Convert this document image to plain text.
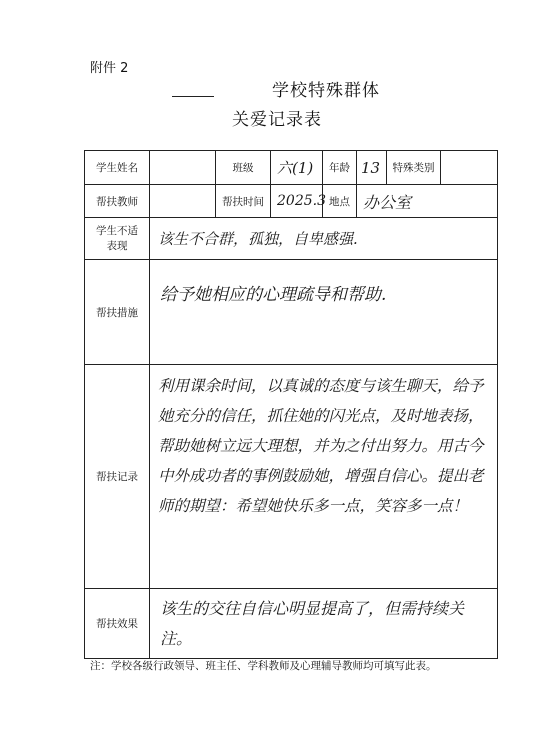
附件 2
学校特殊群体
关爱记录表
学生姓名		班级	六(1)	年龄	13	特殊类别	
帮扶教师		帮扶时间	2025.3	地点	办公室		
学生不适
表现	该生不合群，孤独，自卑感强.						
帮扶措施	给予她相应的心理疏导和帮助.						
帮扶记录	利用课余时间，以真诚的态度与该生聊天，给予她充分的信任，抓住她的闪光点，及时地表扬，帮助她树立远大理想，并为之付出努力。用古今中外成功者的事例鼓励她，增强自信心。提出老师的期望：希望她快乐多一点，笑容多一点！						
帮扶效果	该生的交往自信心明显提高了，但需持续关注。						
注：学校各级行政领导、班主任、学科教师及心理辅导教师均可填写此表。
